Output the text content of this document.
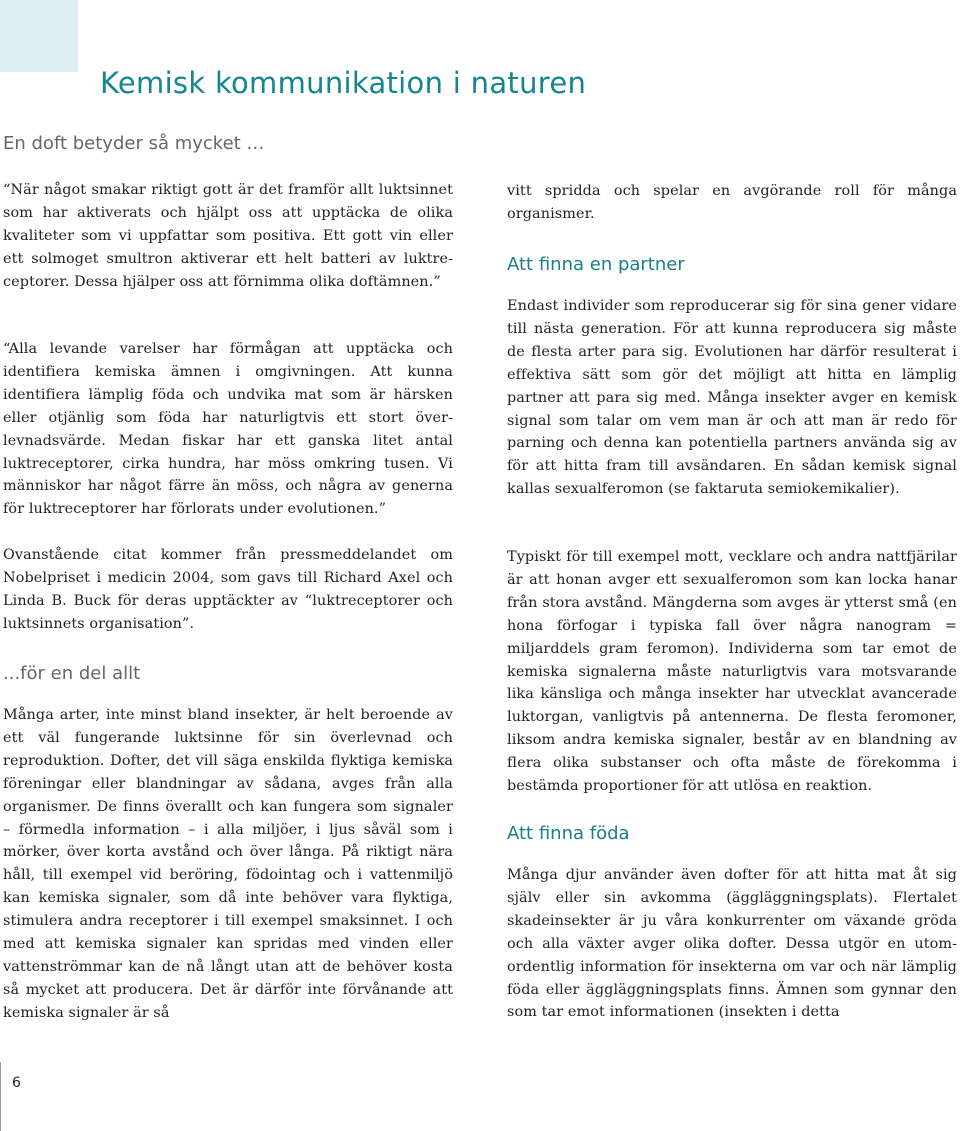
Kemisk kommunikation i naturen
En doft betyder så mycket …

“När något smakar riktigt gott är det framför allt luktsinnet som har aktiverats och hjälpt oss att upptäcka de olika kvaliteter som vi uppfattar som positiva. Ett gott vin eller ett solmoget smultron aktiverar ett helt batteri av luktreceptorer. Dessa hjälper oss att förnimma olika doftämnen.”

“Alla levande varelser har förmågan att upptäcka och identifiera kemiska ämnen i omgivningen. Att kunna identifiera lämplig föda och undvika mat som är härsken eller otjänlig som föda har naturligtvis ett stort överlevnadsvärde. Medan fiskar har ett ganska litet antal luktreceptorer, cirka hundra, har möss omkring tusen. Vi människor har något färre än möss, och några av generna för luktreceptorer har förlorats under evolutionen.”

Ovanstående citat kommer från pressmeddelandet om Nobelpriset i medicin 2004, som gavs till Richard Axel och Linda B. Buck för deras upptäckter av “luktreceptorer och luktsinnets organisation”.

...för en del allt

Många arter, inte minst bland insekter, är helt beroende av ett väl fungerande luktsinne för sin överlevnad och reproduktion. Dofter, det vill säga enskilda flyktiga kemiska föreningar eller blandningar av sådana, avges från alla organismer. De finns överallt och kan fungera som signaler – förmedla information – i alla miljöer, i ljus såväl som i mörker, över korta avstånd och över långa. På riktigt nära håll, till exempel vid beröring, födointag och i vattenmiljö kan kemiska signaler, som då inte behöver vara flyktiga, stimulera andra receptorer i till exempel smaksinnet. I och med att kemiska signaler kan spridas med vinden eller vattenströmmar kan de nå långt utan att de behöver kosta så mycket att producera. Det är därför inte förvånande att kemiska signaler är så

vitt spridda och spelar en avgörande roll för många organismer.

Att finna en partner

Endast individer som reproducerar sig för sina gener vidare till nästa generation. För att kunna reproducera sig måste de flesta arter para sig. Evolutionen har därför resulterat i effektiva sätt som gör det möjligt att hitta en lämplig partner att para sig med. Många insekter avger en kemisk signal som talar om vem man är och att man är redo för parning och denna kan potentiella partners använda sig av för att hitta fram till avsändaren. En sådan kemisk signal kallas sexualferomon (se faktaruta semiokemikalier).

Typiskt för till exempel mott, vecklare och andra nattfjärilar är att honan avger ett sexualferomon som kan locka hanar från stora avstånd. Mängderna som avges är ytterst små (en hona förfogar i typiska fall över några nanogram = miljarddels gram feromon). Individerna som tar emot de kemiska signalerna måste naturligtvis vara motsvarande lika känsliga och många insekter har utvecklat avancerade luktorgan, vanligtvis på antennerna. De flesta feromoner, liksom andra kemiska signaler, består av en blandning av flera olika substanser och ofta måste de förekomma i bestämda proportioner för att utlösa en reaktion.

Att finna föda

Många djur använder även dofter för att hitta mat åt sig själv eller sin avkomma (äggläggningsplats). Flertalet skadeinsekter är ju våra konkurrenter om växande gröda och alla växter avger olika dofter. Dessa utgör en utomordentlig information för insekterna om var och när lämplig föda eller äggläggningsplats finns. Ämnen som gynnar den som tar emot informationen (insekten i detta

6
